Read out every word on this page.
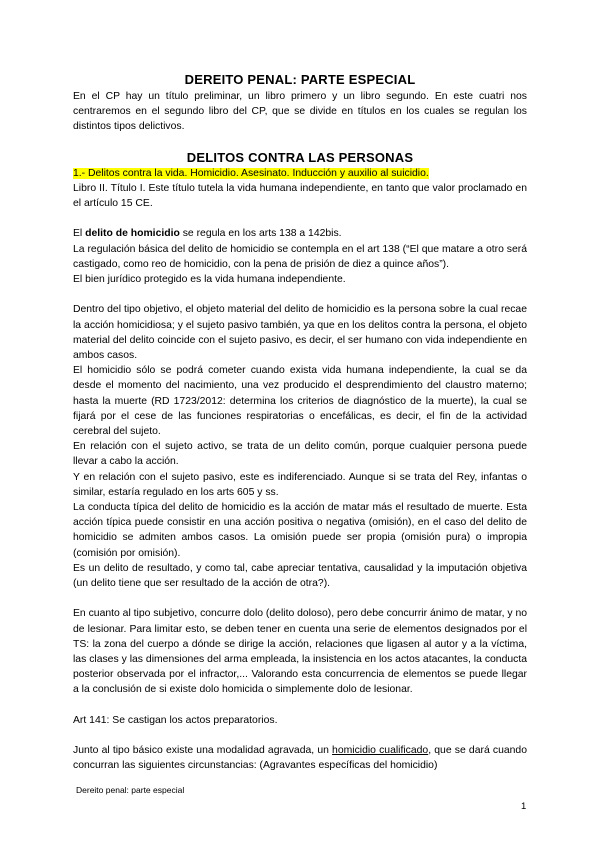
DEREITO PENAL: PARTE ESPECIAL

En el CP hay un título preliminar, un libro primero y un libro segundo. En este cuatri nos centraremos en el segundo libro del CP, que se divide en títulos en los cuales se regulan los distintos tipos delictivos.

DELITOS CONTRA LAS PERSONAS

1.- Delitos contra la vida. Homicidio. Asesinato. Inducción y auxilio al suicidio.

Libro II. Título I. Este título tutela la vida humana independiente, en tanto que valor proclamado en el artículo 15 CE.

El delito de homicidio se regula en los arts 138 a 142bis.

La regulación básica del delito de homicidio se contempla en el art 138 (“El que matare a otro será castigado, como reo de homicidio, con la pena de prisión de diez a quince años”).

El bien jurídico protegido es la vida humana independiente.

Dentro del tipo objetivo, el objeto material del delito de homicidio es la persona sobre la cual recae la acción homicidiosa; y el sujeto pasivo también, ya que en los delitos contra la persona, el objeto material del delito coincide con el sujeto pasivo, es decir, el ser humano con vida independiente en ambos casos.

El homicidio sólo se podrá cometer cuando exista vida humana independiente, la cual se da desde el momento del nacimiento, una vez producido el desprendimiento del claustro materno; hasta la muerte (RD 1723/2012: determina los criterios de diagnóstico de la muerte), la cual se fijará por el cese de las funciones respiratorias o encefálicas, es decir, el fin de la actividad cerebral del sujeto.

En relación con el sujeto activo, se trata de un delito común, porque cualquier persona puede llevar a cabo la acción.

Y en relación con el sujeto pasivo, este es indiferenciado. Aunque si se trata del Rey, infantas o similar, estaría regulado en los arts 605 y ss.

La conducta típica del delito de homicidio es la acción de matar más el resultado de muerte. Esta acción típica puede consistir en una acción positiva o negativa (omisión), en el caso del delito de homicidio se admiten ambos casos. La omisión puede ser propia (omisión pura) o impropia (comisión por omisión).

Es un delito de resultado, y como tal, cabe apreciar tentativa, causalidad y la imputación objetiva (un delito tiene que ser resultado de la acción de otra?).

En cuanto al tipo subjetivo, concurre dolo (delito doloso), pero debe concurrir ánimo de matar, y no de lesionar. Para limitar esto, se deben tener en cuenta una serie de elementos designados por el TS: la zona del cuerpo a dónde se dirige la acción, relaciones que ligasen al autor y a la víctima, las clases y las dimensiones del arma empleada, la insistencia en los actos atacantes, la conducta posterior observada por el infractor,... Valorando esta concurrencia de elementos se puede llegar a la conclusión de si existe dolo homicida o simplemente dolo de lesionar.

Art 141: Se castigan los actos preparatorios.

Junto al tipo básico existe una modalidad agravada, un homicidio cualificado, que se dará cuando concurran las siguientes circunstancias: (Agravantes específicas del homicidio)

Dereito penal: parte especial
1
